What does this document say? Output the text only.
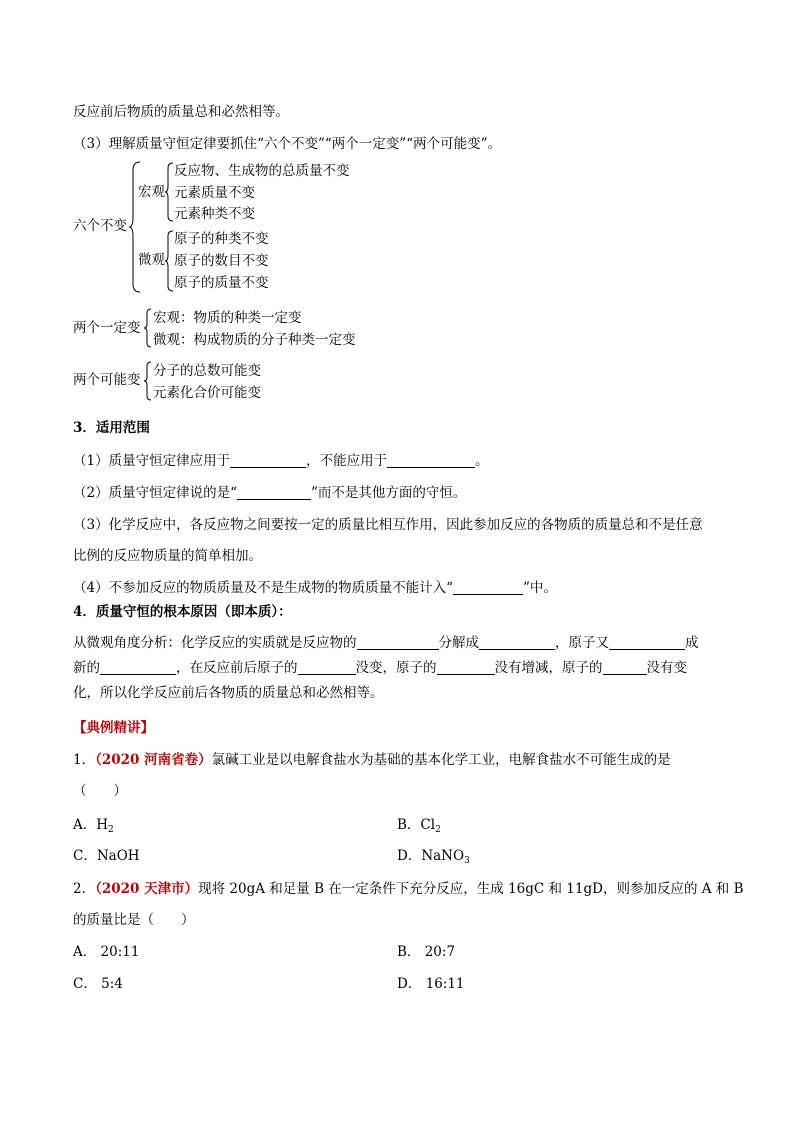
反应前后物质的质量总和必然相等。
（3）理解质量守恒定律要抓住“六个不变”“两个一定变”“两个可能变”。
六个不变
宏观
反应物、生成物的总质量不变
元素质量不变
元素种类不变
微观
原子的种类不变
原子的数目不变
原子的质量不变
两个一定变
宏观：物质的种类一定变
微观：构成物质的分子种类一定变
两个可能变
分子的总数可能变
元素化合价可能变
3．适用范围
（1）质量守恒定律应用于	，不能应用于	。
（2）质量守恒定律说的是“	”而不是其他方面的守恒。
（3）化学反应中，各反应物之间要按一定的质量比相互作用，因此参加反应的各物质的质量总和不是任意
比例的反应物质量的简单相加。
（4）不参加反应的物质质量及不是生成物的物质质量不能计入“	”中。
4．质量守恒的根本原因（即本质）：
从微观角度分析：化学反应的实质就是反应物的	分解成	，原子又	成
新的	，在反应前后原子的	没变，原子的	没有增减，原子的	没有变
化，所以化学反应前后各物质的质量总和必然相等。
【典例精讲】
1．（2020 河南省卷）氯碱工业是以电解食盐水为基础的基本化学工业，电解食盐水不可能生成的是
（　　）
A．$H_2$	B．$Cl_2$
C．NaOH	D．NaNO$_3$
2．（2020 天津市）现将 20gA 和足量 B 在一定条件下充分反应，生成 16gC 和 11gD，则参加反应的 A 和 B
的质量比是（　　）
A． 20:11	B． 20:7
C． 5:4	D． 16:11
